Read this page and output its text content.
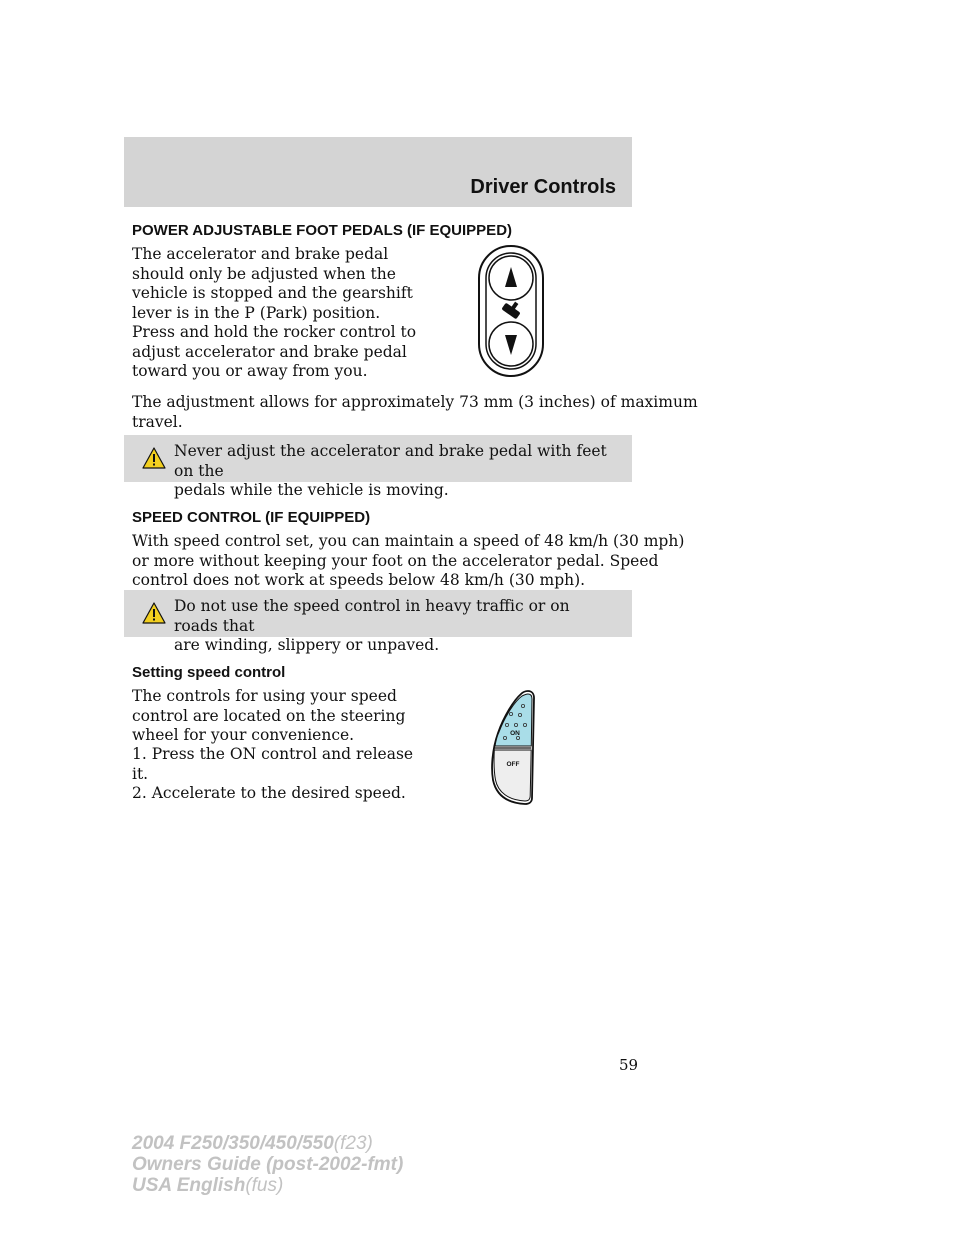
Driver Controls
POWER ADJUSTABLE FOOT PEDALS (IF EQUIPPED)
The accelerator and brake pedal
should only be adjusted when the
vehicle is stopped and the gearshift
lever is in the P (Park) position.
Press and hold the rocker control to
adjust accelerator and brake pedal
toward you or away from you.
The adjustment allows for approximately 73 mm (3 inches) of maximum
travel.
Never adjust the accelerator and brake pedal with feet on the
pedals while the vehicle is moving.
SPEED CONTROL (IF EQUIPPED)
With speed control set, you can maintain a speed of 48 km/h (30 mph)
or more without keeping your foot on the accelerator pedal. Speed
control does not work at speeds below 48 km/h (30 mph).
Do not use the speed control in heavy traffic or on roads that
are winding, slippery or unpaved.
Setting speed control
The controls for using your speed
control are located on the steering
wheel for your convenience.
1. Press the ON control and release
it.
2. Accelerate to the desired speed.
ON
OFF
59
2004 F250/350/450/550(f23)
Owners Guide (post-2002-fmt)
USA English(fus)
